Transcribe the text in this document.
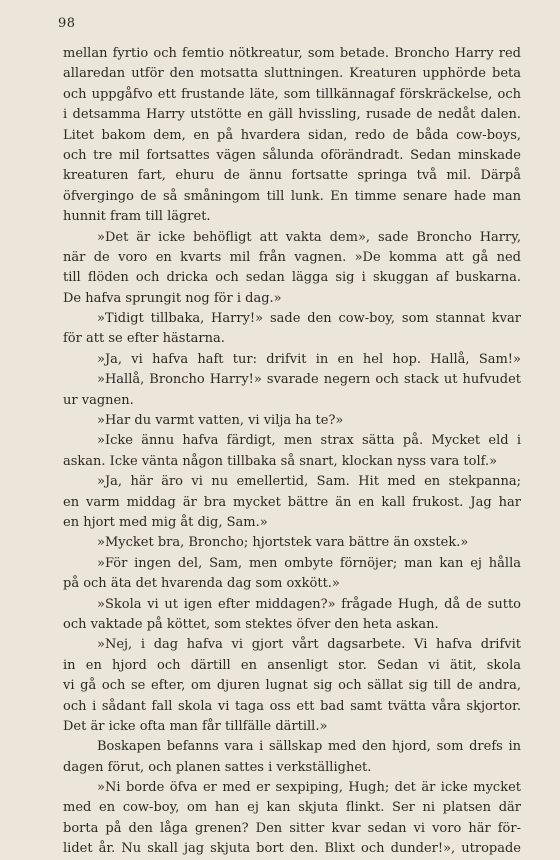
98
mellan fyrtio och femtio nötkreatur, som betade. Broncho Harry red
allaredan utför den motsatta sluttningen. Kreaturen upphörde beta
och uppgåfvo ett frustande läte, som tillkännagaf förskräckelse, och
i detsamma Harry utstötte en gäll hvissling, rusade de nedåt dalen.
Litet bakom dem, en på hvardera sidan, redo de båda cow-boys,
och tre mil fortsattes vägen sålunda oförändradt. Sedan minskade
kreaturen fart, ehuru de ännu fortsatte springa två mil. Därpå
öfvergingo de så småningom till lunk. En timme senare hade man
hunnit fram till lägret.
»Det är icke behöfligt att vakta dem», sade Broncho Harry,
när de voro en kvarts mil från vagnen. »De komma att gå ned
till flöden och dricka och sedan lägga sig i skuggan af buskarna.
De hafva sprungit nog för i dag.»
»Tidigt tillbaka, Harry!» sade den cow-boy, som stannat kvar
för att se efter hästarna.
»Ja, vi hafva haft tur: drifvit in en hel hop. Hallå, Sam!»
»Hallå, Broncho Harry!» svarade negern och stack ut hufvudet
ur vagnen.
»Har du varmt vatten, vi vilja ha te?»
»Icke ännu hafva färdigt, men strax sätta på. Mycket eld i
askan. Icke vänta någon tillbaka så snart, klockan nyss vara tolf.»
»Ja, här äro vi nu emellertid, Sam. Hit med en stekpanna;
en varm middag är bra mycket bättre än en kall frukost. Jag har
en hjort med mig åt dig, Sam.»
»Mycket bra, Broncho; hjortstek vara bättre än oxstek.»
»För ingen del, Sam, men ombyte förnöjer; man kan ej hålla
på och äta det hvarenda dag som oxkött.»
»Skola vi ut igen efter middagen?» frågade Hugh, då de sutto
och vaktade på köttet, som stektes öfver den heta askan.
»Nej, i dag hafva vi gjort vårt dagsarbete. Vi hafva drifvit
in en hjord och därtill en ansenligt stor. Sedan vi ätit, skola
vi gå och se efter, om djuren lugnat sig och sällat sig till de andra,
och i sådant fall skola vi taga oss ett bad samt tvätta våra skjortor.
Det är icke ofta man får tillfälle därtill.»
Boskapen befanns vara i sällskap med den hjord, som drefs in
dagen förut, och planen sattes i verkställighet.
»Ni borde öfva er med er sexpiping, Hugh; det är icke mycket
med en cow-boy, om han ej kan skjuta flinkt. Ser ni platsen där
borta på den låga grenen? Den sitter kvar sedan vi voro här för-
lidet år. Nu skall jag skjuta bort den. Blixt och dunder!», utropade
